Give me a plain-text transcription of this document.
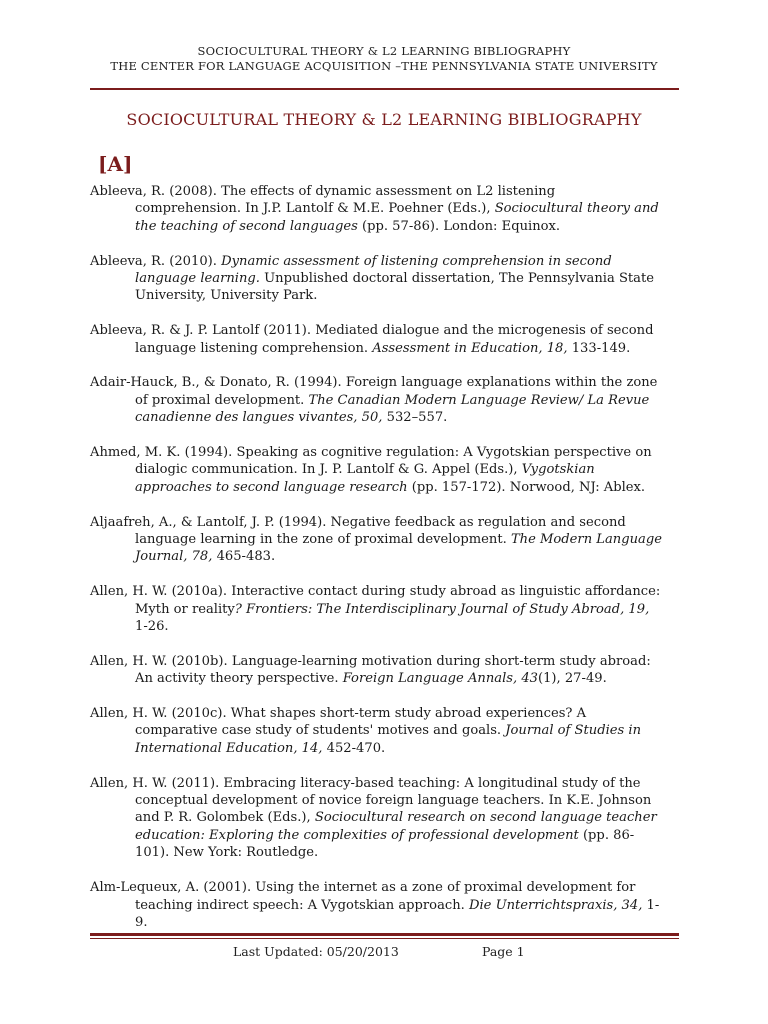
SOCIOCULTURAL THEORY & L2 LEARNING BIBLIOGRAPHY
THE CENTER FOR LANGUAGE ACQUISITION –THE PENNSYLVANIA STATE UNIVERSITY
SOCIOCULTURAL THEORY & L2 LEARNING BIBLIOGRAPHY
[A]
Ableeva, R. (2008). The effects of dynamic assessment on L2 listening comprehension. In J.P. Lantolf & M.E. Poehner (Eds.), Sociocultural theory and the teaching of second languages (pp. 57-86). London: Equinox.
Ableeva, R. (2010). Dynamic assessment of listening comprehension in second language learning. Unpublished doctoral dissertation, The Pennsylvania State University, University Park.
Ableeva, R. & J. P. Lantolf (2011). Mediated dialogue and the microgenesis of second language listening comprehension. Assessment in Education, 18, 133-149.
Adair-Hauck, B., & Donato, R. (1994). Foreign language explanations within the zone of proximal development. The Canadian Modern Language Review/ La Revue canadienne des langues vivantes, 50, 532–557.
Ahmed, M. K. (1994). Speaking as cognitive regulation: A Vygotskian perspective on dialogic communication. In J. P. Lantolf & G. Appel (Eds.), Vygotskian approaches to second language research (pp. 157-172). Norwood, NJ: Ablex.
Aljaafreh, A., & Lantolf, J. P. (1994). Negative feedback as regulation and second language learning in the zone of proximal development. The Modern Language Journal, 78, 465-483.
Allen, H. W. (2010a). Interactive contact during study abroad as linguistic affordance: Myth or reality? Frontiers: The Interdisciplinary Journal of Study Abroad, 19, 1-26.
Allen, H. W. (2010b). Language-learning motivation during short-term study abroad: An activity theory perspective. Foreign Language Annals, 43(1), 27-49.
Allen, H. W. (2010c). What shapes short-term study abroad experiences? A comparative case study of students' motives and goals. Journal of Studies in International Education, 14, 452-470.
Allen, H. W. (2011). Embracing literacy-based teaching: A longitudinal study of the conceptual development of novice foreign language teachers. In K.E. Johnson and P. R. Golombek (Eds.), Sociocultural research on second language teacher education: Exploring the complexities of professional development (pp. 86-101). New York: Routledge.
Alm-Lequeux, A. (2001). Using the internet as a zone of proximal development for teaching indirect speech: A Vygotskian approach. Die Unterrichtspraxis, 34, 1-9.
Last Updated: 05/20/2013	Page 1
